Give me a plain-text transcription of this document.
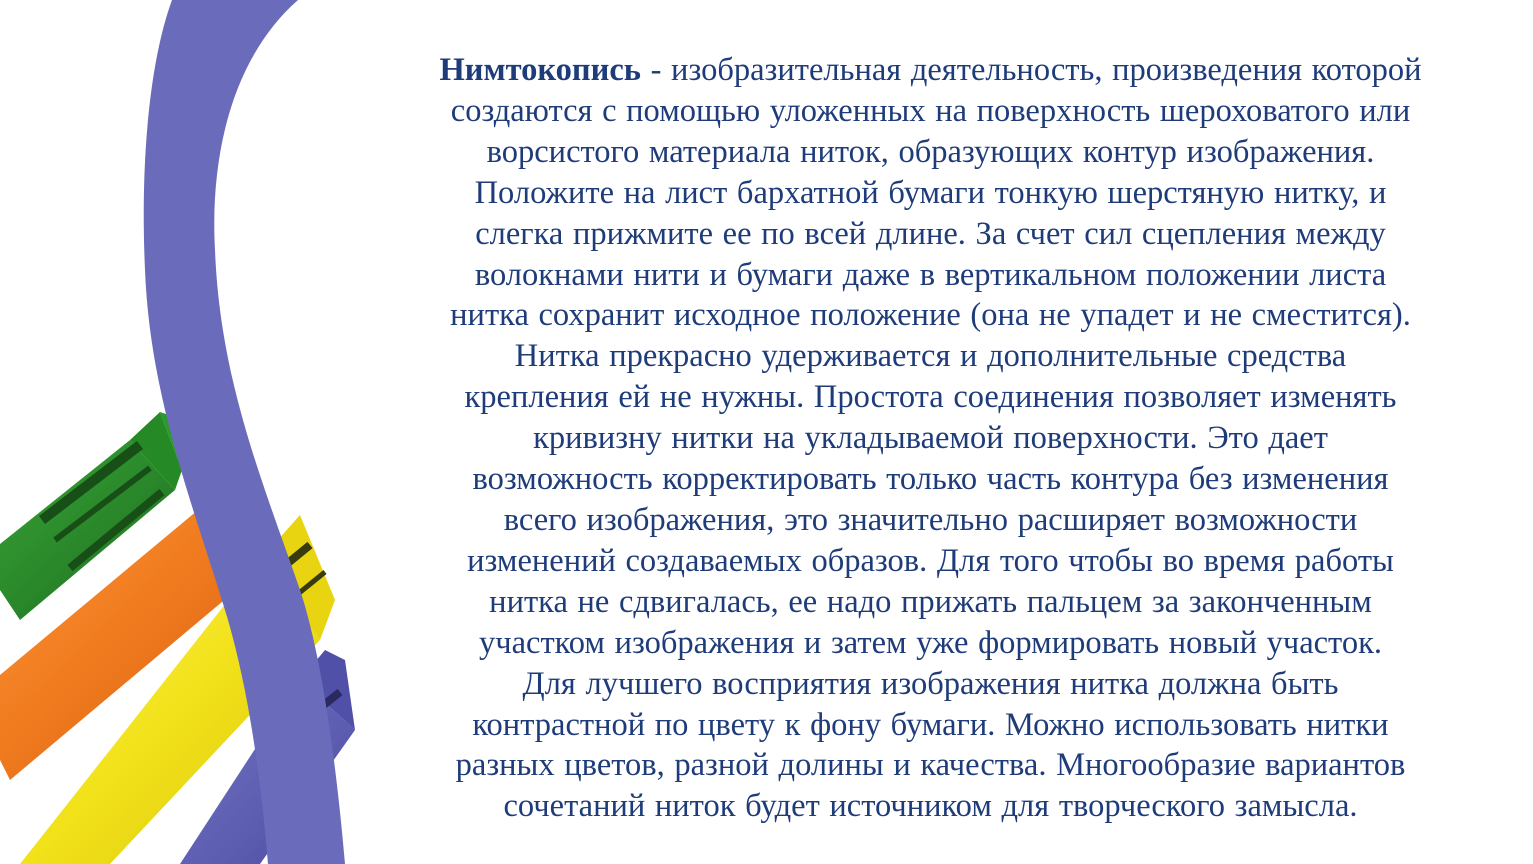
Нимтокопись - изобразительная деятельность, произведения которой
создаются с помощью уложенных на поверхность шероховатого или
ворсистого материала ниток, образующих контур изображения.
Положите на лист бархатной бумаги тонкую шерстяную нитку, и
слегка прижмите ее по всей длине. За счет сил сцепления между
волокнами нити и бумаги даже в вертикальном положении листа
нитка сохранит исходное положение (она не упадет и не сместится).
Нитка прекрасно удерживается и дополнительные средства
крепления ей не нужны. Простота соединения позволяет изменять
кривизну нитки на укладываемой поверхности. Это дает
возможность корректировать только часть контура без изменения
всего изображения, это значительно расширяет возможности
изменений создаваемых образов. Для того чтобы во время работы
нитка не сдвигалась, ее надо прижать пальцем за законченным
участком изображения и затем уже формировать новый участок.
Для лучшего восприятия изображения нитка должна быть
контрастной по цвету к фону бумаги. Можно использовать нитки
разных цветов, разной долины и качества. Многообразие вариантов
сочетаний ниток будет источником для творческого замысла.
